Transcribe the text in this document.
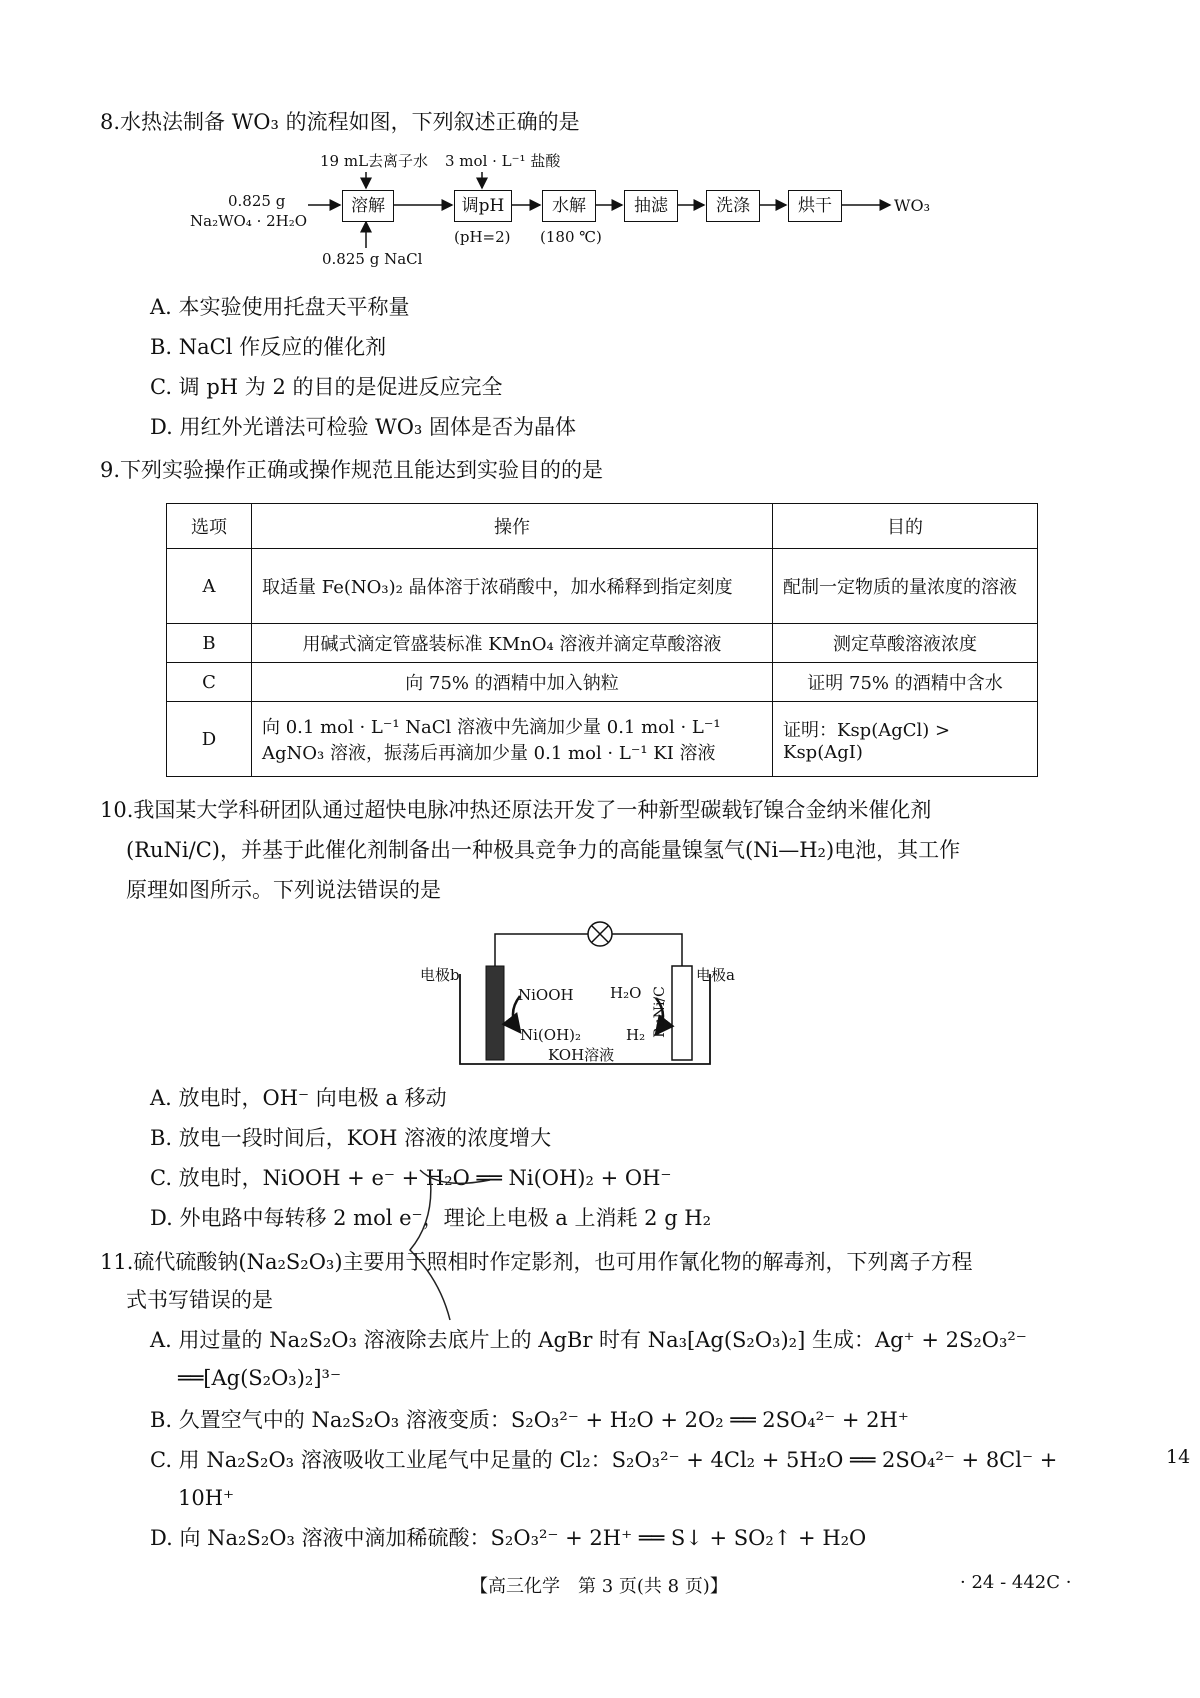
8.水热法制备 WO₃ 的流程如图，下列叙述正确的是
19 mL去离子水 3 mol · L⁻¹ 盐酸
0.825 g
Na₂WO₄ · 2H₂O
0.825 g NaCl
溶解	调pH	水解	抽滤	洗涤	烘干
(pH=2) (180 ℃)
WO₃
A. 本实验使用托盘天平称量
B. NaCl 作反应的催化剂
C. 调 pH 为 2 的目的是促进反应完全
D. 用红外光谱法可检验 WO₃ 固体是否为晶体
9.下列实验操作正确或操作规范且能达到实验目的的是
选项	操作	目的
A	取适量 Fe(NO₃)₂ 晶体溶于浓硝酸中，加水稀释到指定刻度	配制一定物质的量浓度的溶液
B	用碱式滴定管盛装标准 KMnO₄ 溶液并滴定草酸溶液	测定草酸溶液浓度
C	向 75% 的酒精中加入钠粒	证明 75% 的酒精中含水
D	向 0.1 mol · L⁻¹ NaCl 溶液中先滴加少量 0.1 mol · L⁻¹ AgNO₃ 溶液，振荡后再滴加少量 0.1 mol · L⁻¹ KI 溶液	证明：Ksp(AgCl) > Ksp(AgI)
10.我国某大学科研团队通过超快电脉冲热还原法开发了一种新型碳载钌镍合金纳米催化剂
(RuNi/C)，并基于此催化剂制备出一种极具竞争力的高能量镍氢气(Ni—H₂)电池，其工作
原理如图所示。下列说法错误的是
电极b	电极a
NiOOH H₂O
Ni(OH)₂	H₂
KOH溶液
RuNi/C
A. 放电时，OH⁻ 向电极 a 移动
B. 放电一段时间后，KOH 溶液的浓度增大
C. 放电时，NiOOH + e⁻ + H₂O ══ Ni(OH)₂ + OH⁻
D. 外电路中每转移 2 mol e⁻，理论上电极 a 上消耗 2 g H₂
11.硫代硫酸钠(Na₂S₂O₃)主要用于照相时作定影剂，也可用作氰化物的解毒剂，下列离子方程
式书写错误的是
A. 用过量的 Na₂S₂O₃ 溶液除去底片上的 AgBr 时有 Na₃[Ag(S₂O₃)₂] 生成：Ag⁺ + 2S₂O₃²⁻
══[Ag(S₂O₃)₂]³⁻
B. 久置空气中的 Na₂S₂O₃ 溶液变质：S₂O₃²⁻ + H₂O + 2O₂ ══ 2SO₄²⁻ + 2H⁺
C. 用 Na₂S₂O₃ 溶液吸收工业尾气中足量的 Cl₂：S₂O₃²⁻ + 4Cl₂ + 5H₂O ══ 2SO₄²⁻ + 8Cl⁻ +
10H⁺
D. 向 Na₂S₂O₃ 溶液中滴加稀硫酸：S₂O₃²⁻ + 2H⁺ ══ S↓ + SO₂↑ + H₂O
14
【高三化学　第 3 页(共 8 页)】	· 24 - 442C ·
